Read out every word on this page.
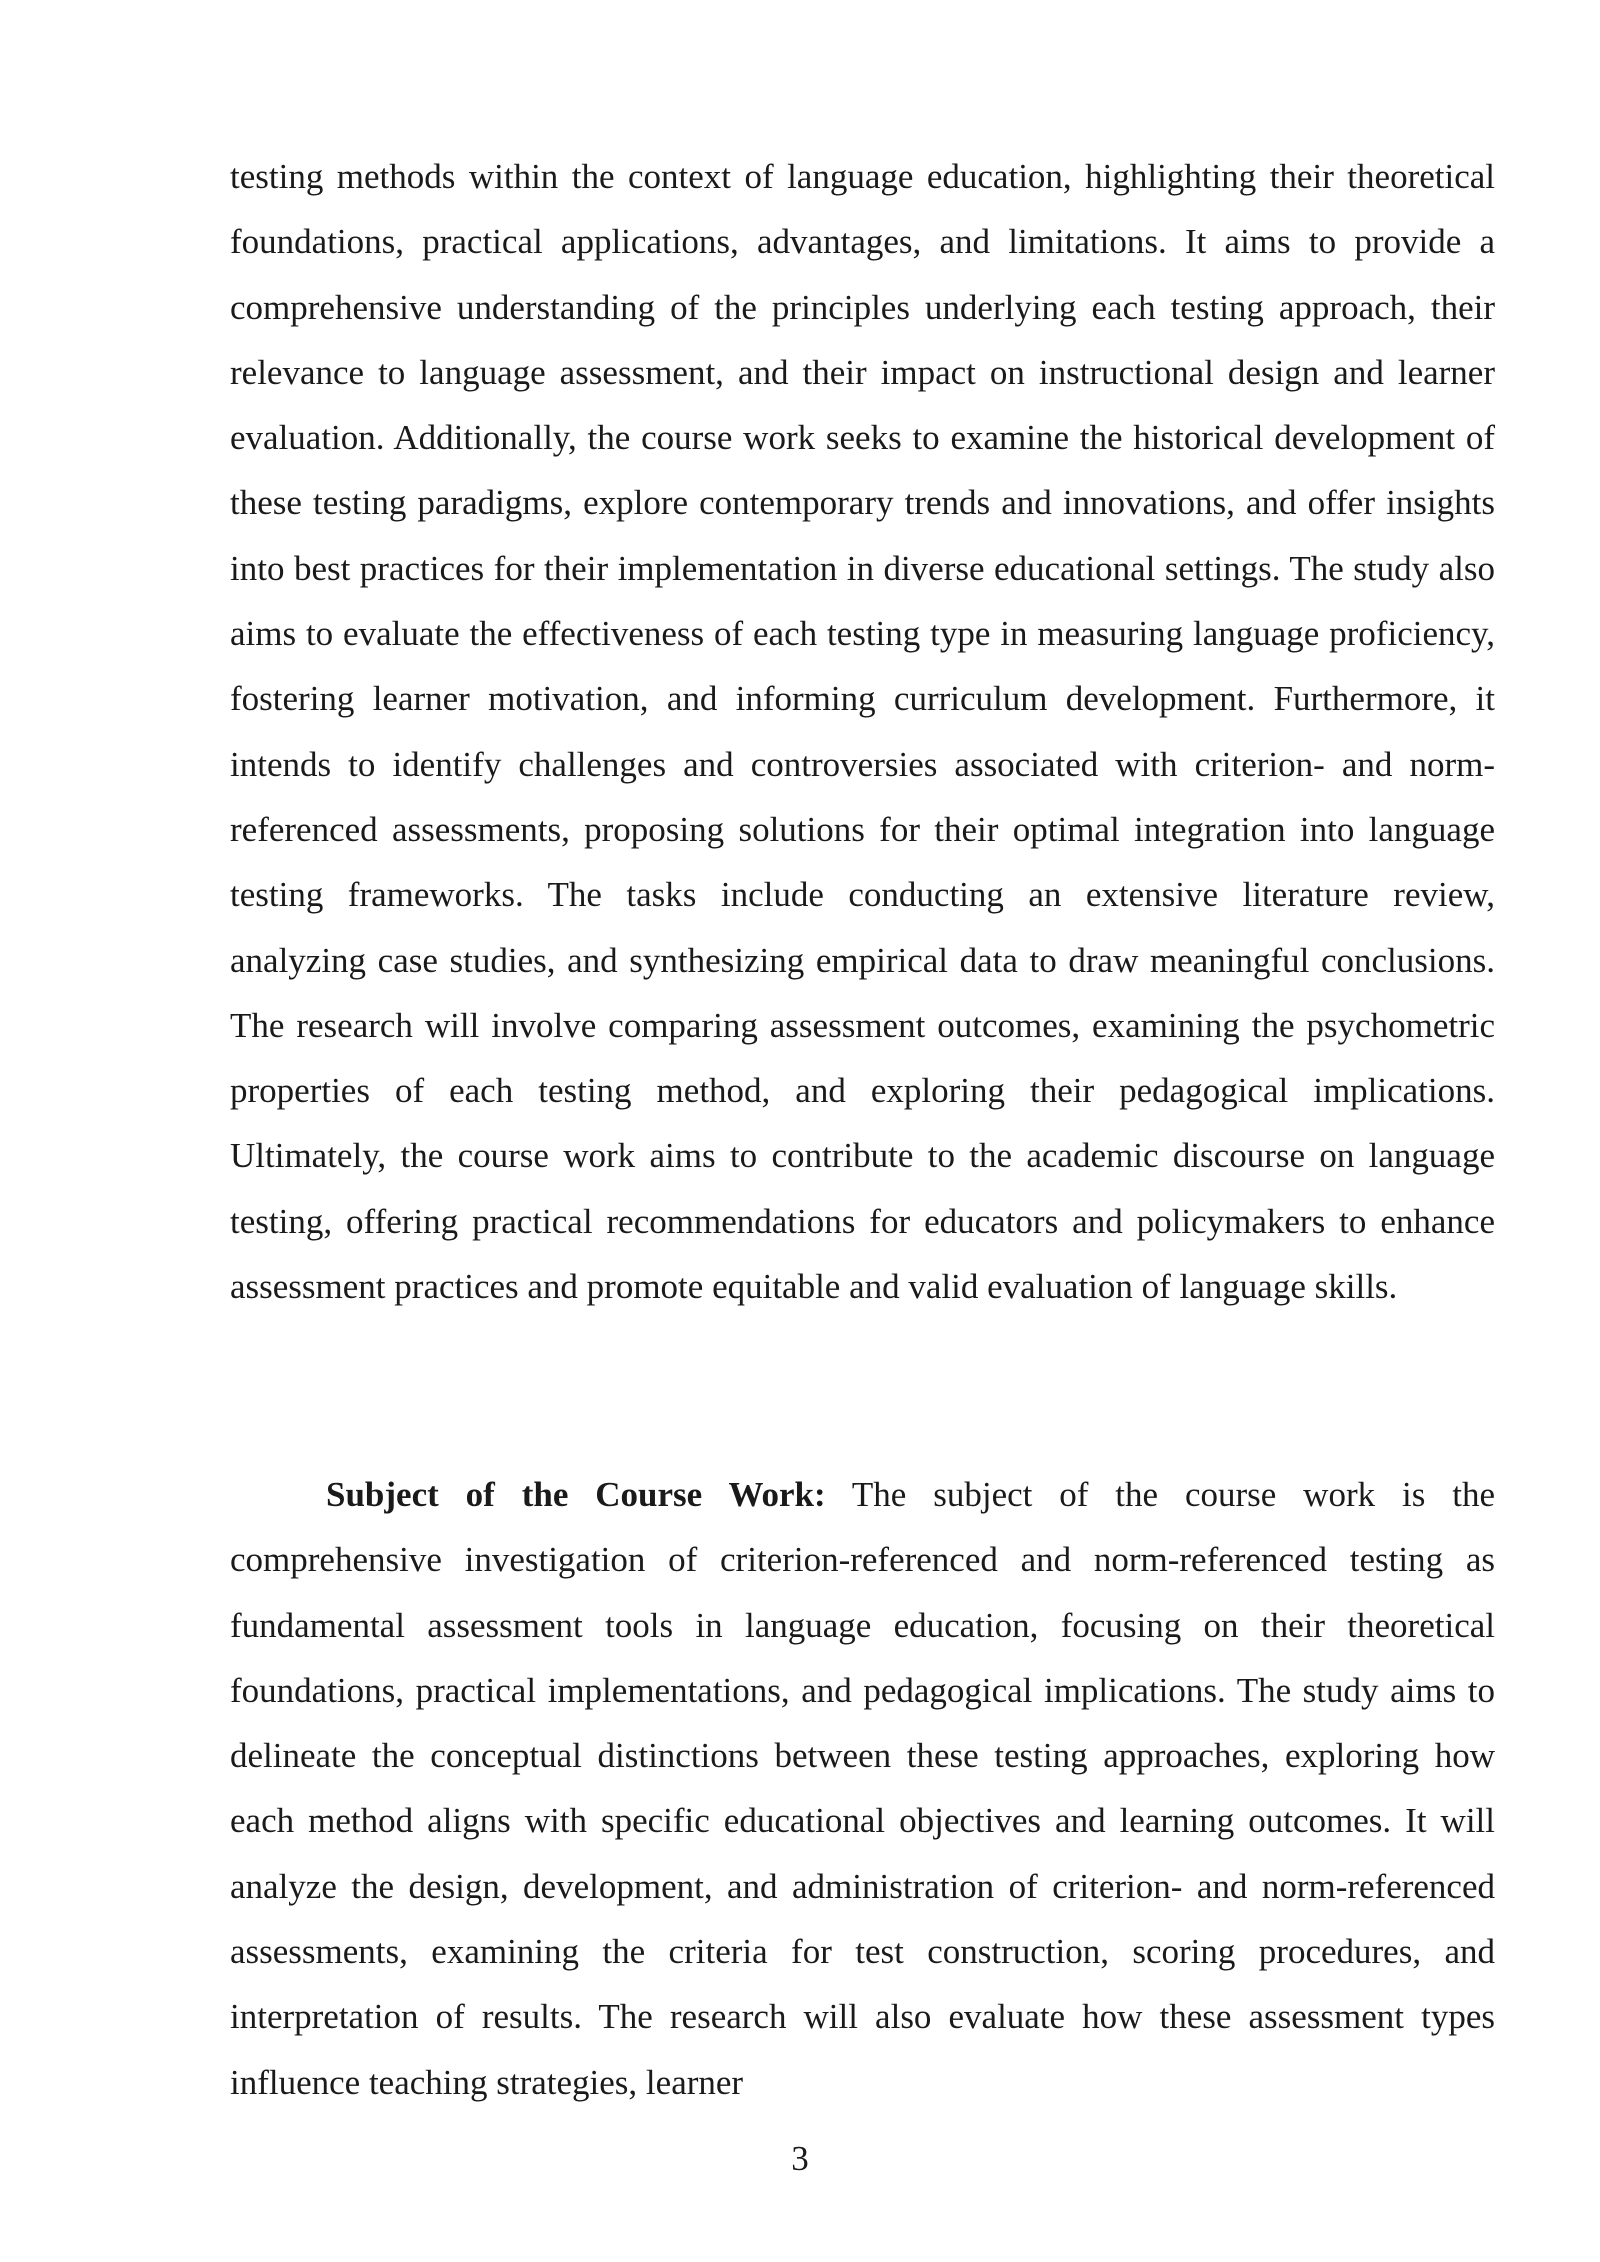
testing methods within the context of language education, highlighting their theoretical foundations, practical applications, advantages, and limitations. It aims to provide a comprehensive understanding of the principles underlying each testing approach, their relevance to language assessment, and their impact on instructional design and learner evaluation. Additionally, the course work seeks to examine the historical development of these testing paradigms, explore contemporary trends and innovations, and offer insights into best practices for their implementation in diverse educational settings. The study also aims to evaluate the effectiveness of each testing type in measuring language proficiency, fostering learner motivation, and informing curriculum development. Furthermore, it intends to identify challenges and controversies associated with criterion- and norm-referenced assessments, proposing solutions for their optimal integration into language testing frameworks. The tasks include conducting an extensive literature review, analyzing case studies, and synthesizing empirical data to draw meaningful conclusions. The research will involve comparing assessment outcomes, examining the psychometric properties of each testing method, and exploring their pedagogical implications. Ultimately, the course work aims to contribute to the academic discourse on language testing, offering practical recommendations for educators and policymakers to enhance assessment practices and promote equitable and valid evaluation of language skills.

Subject of the Course Work: The subject of the course work is the comprehensive investigation of criterion-referenced and norm-referenced testing as fundamental assessment tools in language education, focusing on their theoretical foundations, practical implementations, and pedagogical implications. The study aims to delineate the conceptual distinctions between these testing approaches, exploring how each method aligns with specific educational objectives and learning outcomes. It will analyze the design, development, and administration of criterion- and norm-referenced assessments, examining the criteria for test construction, scoring procedures, and interpretation of results. The research will also evaluate how these assessment types influence teaching strategies, learner

3
